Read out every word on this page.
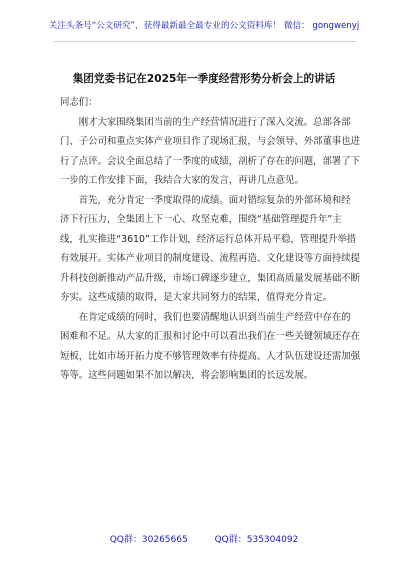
关注头条号“公文研究”，获得最新最全最专业的公文资料库！ 微信： gongwenyj
集团党委书记在2025年一季度经营形势分析会上的讲话

同志们：

刚才大家围绕集团当前的生产经营情况进行了深入交流。总部各部门、子公司和重点实体产业项目作了现场汇报，与会领导、外部董事也进行了点评。会议全面总结了一季度的成绩，剖析了存在的问题，部署了下一步的工作安排下面，我结合大家的发言，再讲几点意见。

首先，充分肯定一季度取得的成绩。面对错综复杂的外部环境和经济下行压力，全集团上下一心、攻坚克难，围绕“基础管理提升年”主线，扎实推进“3610”工作计划，经济运行总体开局平稳，管理提升举措有效展开。实体产业项目的制度建设、流程再造、文化建设等方面持续提升科技创新推动产品升级，市场口碑逐步建立，集团高质量发展基础不断夯实。这些成绩的取得，是大家共同努力的结果，值得充分肯定。

在肯定成绩的同时，我们也要清醒地认识到当前生产经营中存在的困难和不足。从大家的汇报和讨论中可以看出我们在一些关键领域还存在短板，比如市场开拓力度不够管理效率有待提高、人才队伍建设还需加强等等。这些问题如果不加以解决，将会影响集团的长远发展。

QQ群：30265665	QQ群：535304092
